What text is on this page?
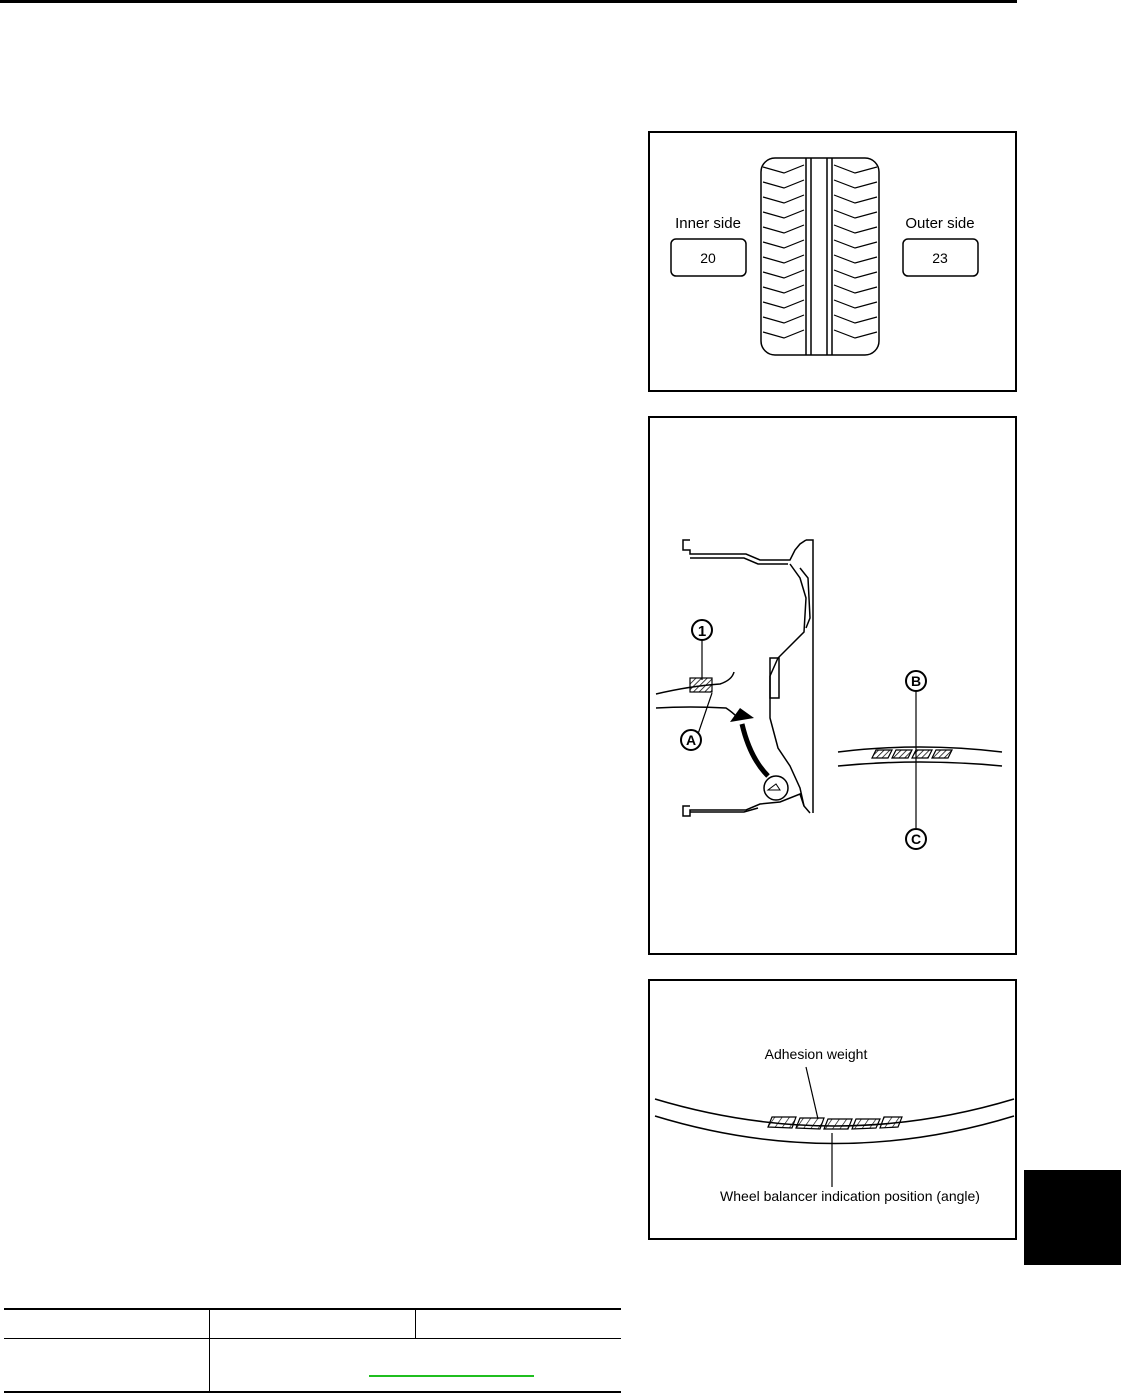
Inner side
20
Outer side
23
1
A
B
C
Adhesion weight
Wheel balancer indication position (angle)
